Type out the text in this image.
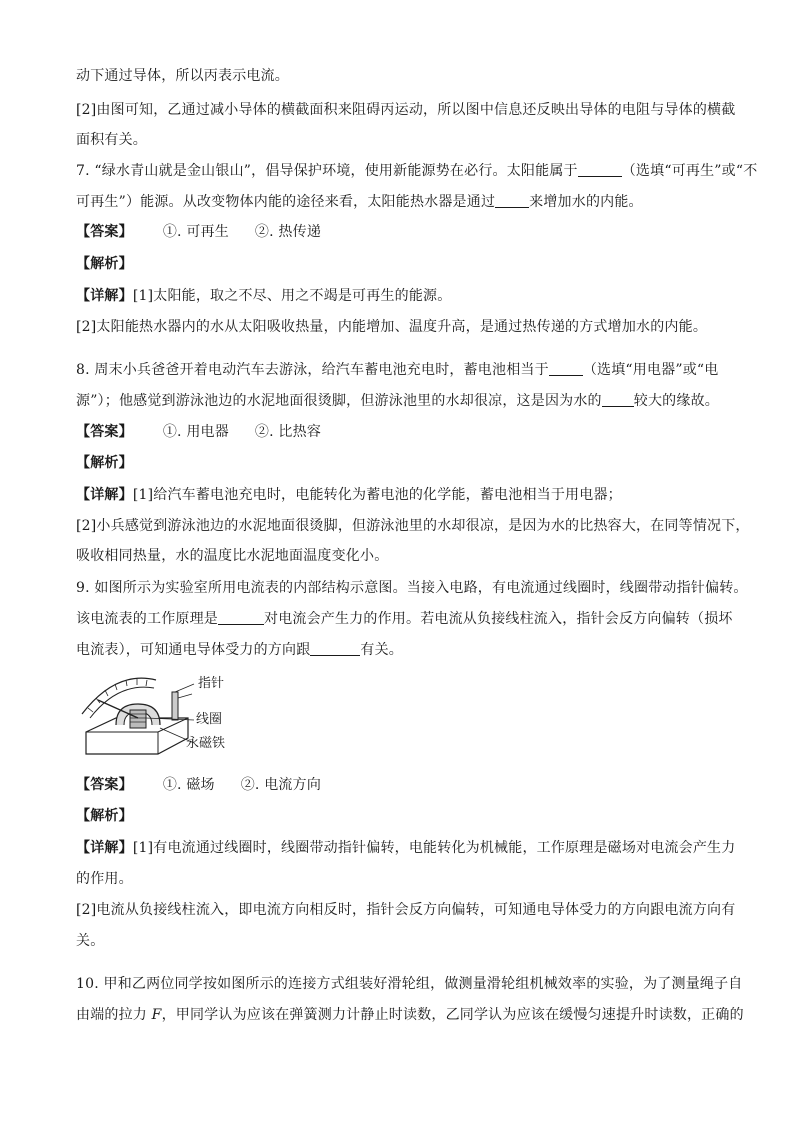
动下通过导体，所以丙表示电流。
[2]由图可知，乙通过减小导体的横截面积来阻碍丙运动，所以图中信息还反映出导体的电阻与导体的横截
面积有关。
7. “绿水青山就是金山银山”，倡导保护环境，使用新能源势在必行。太阳能属于	（选填“可再生”或“不
可再生”）能源。从改变物体内能的途径来看，太阳能热水器是通过 来增加水的内能。
【答案】 ①. 可再生 ②. 热传递
【解析】
【详解】[1]太阳能，取之不尽、用之不竭是可再生的能源。
[2]太阳能热水器内的水从太阳吸收热量，内能增加、温度升高，是通过热传递的方式增加水的内能。
8. 周末小兵爸爸开着电动汽车去游泳，给汽车蓄电池充电时，蓄电池相当于 （选填“用电器”或“电
源”）；他感觉到游泳池边的水泥地面很烫脚，但游泳池里的水却很凉，这是因为水的 较大的缘故。
【答案】 ①. 用电器 ②. 比热容
【解析】
【详解】[1]给汽车蓄电池充电时，电能转化为蓄电池的化学能，蓄电池相当于用电器；
[2]小兵感觉到游泳池边的水泥地面很烫脚，但游泳池里的水却很凉，是因为水的比热容大，在同等情况下，
吸收相同热量，水的温度比水泥地面温度变化小。
9. 如图所示为实验室所用电流表的内部结构示意图。当接入电路，有电流通过线圈时，线圈带动指针偏转。
该电流表的工作原理是	对电流会产生力的作用。若电流从负接线柱流入，指针会反方向偏转（损坏
电流表），可知通电导体受力的方向跟	有关。
指针
线圈
永磁铁
【答案】 ①. 磁场 ②. 电流方向
【解析】
【详解】[1]有电流通过线圈时，线圈带动指针偏转，电能转化为机械能，工作原理是磁场对电流会产生力
的作用。
[2]电流从负接线柱流入，即电流方向相反时，指针会反方向偏转，可知通电导体受力的方向跟电流方向有
关。
10. 甲和乙两位同学按如图所示的连接方式组装好滑轮组，做测量滑轮组机械效率的实验，为了测量绳子自
由端的拉力 F，甲同学认为应该在弹簧测力计静止时读数，乙同学认为应该在缓慢匀速提升时读数，正确的
